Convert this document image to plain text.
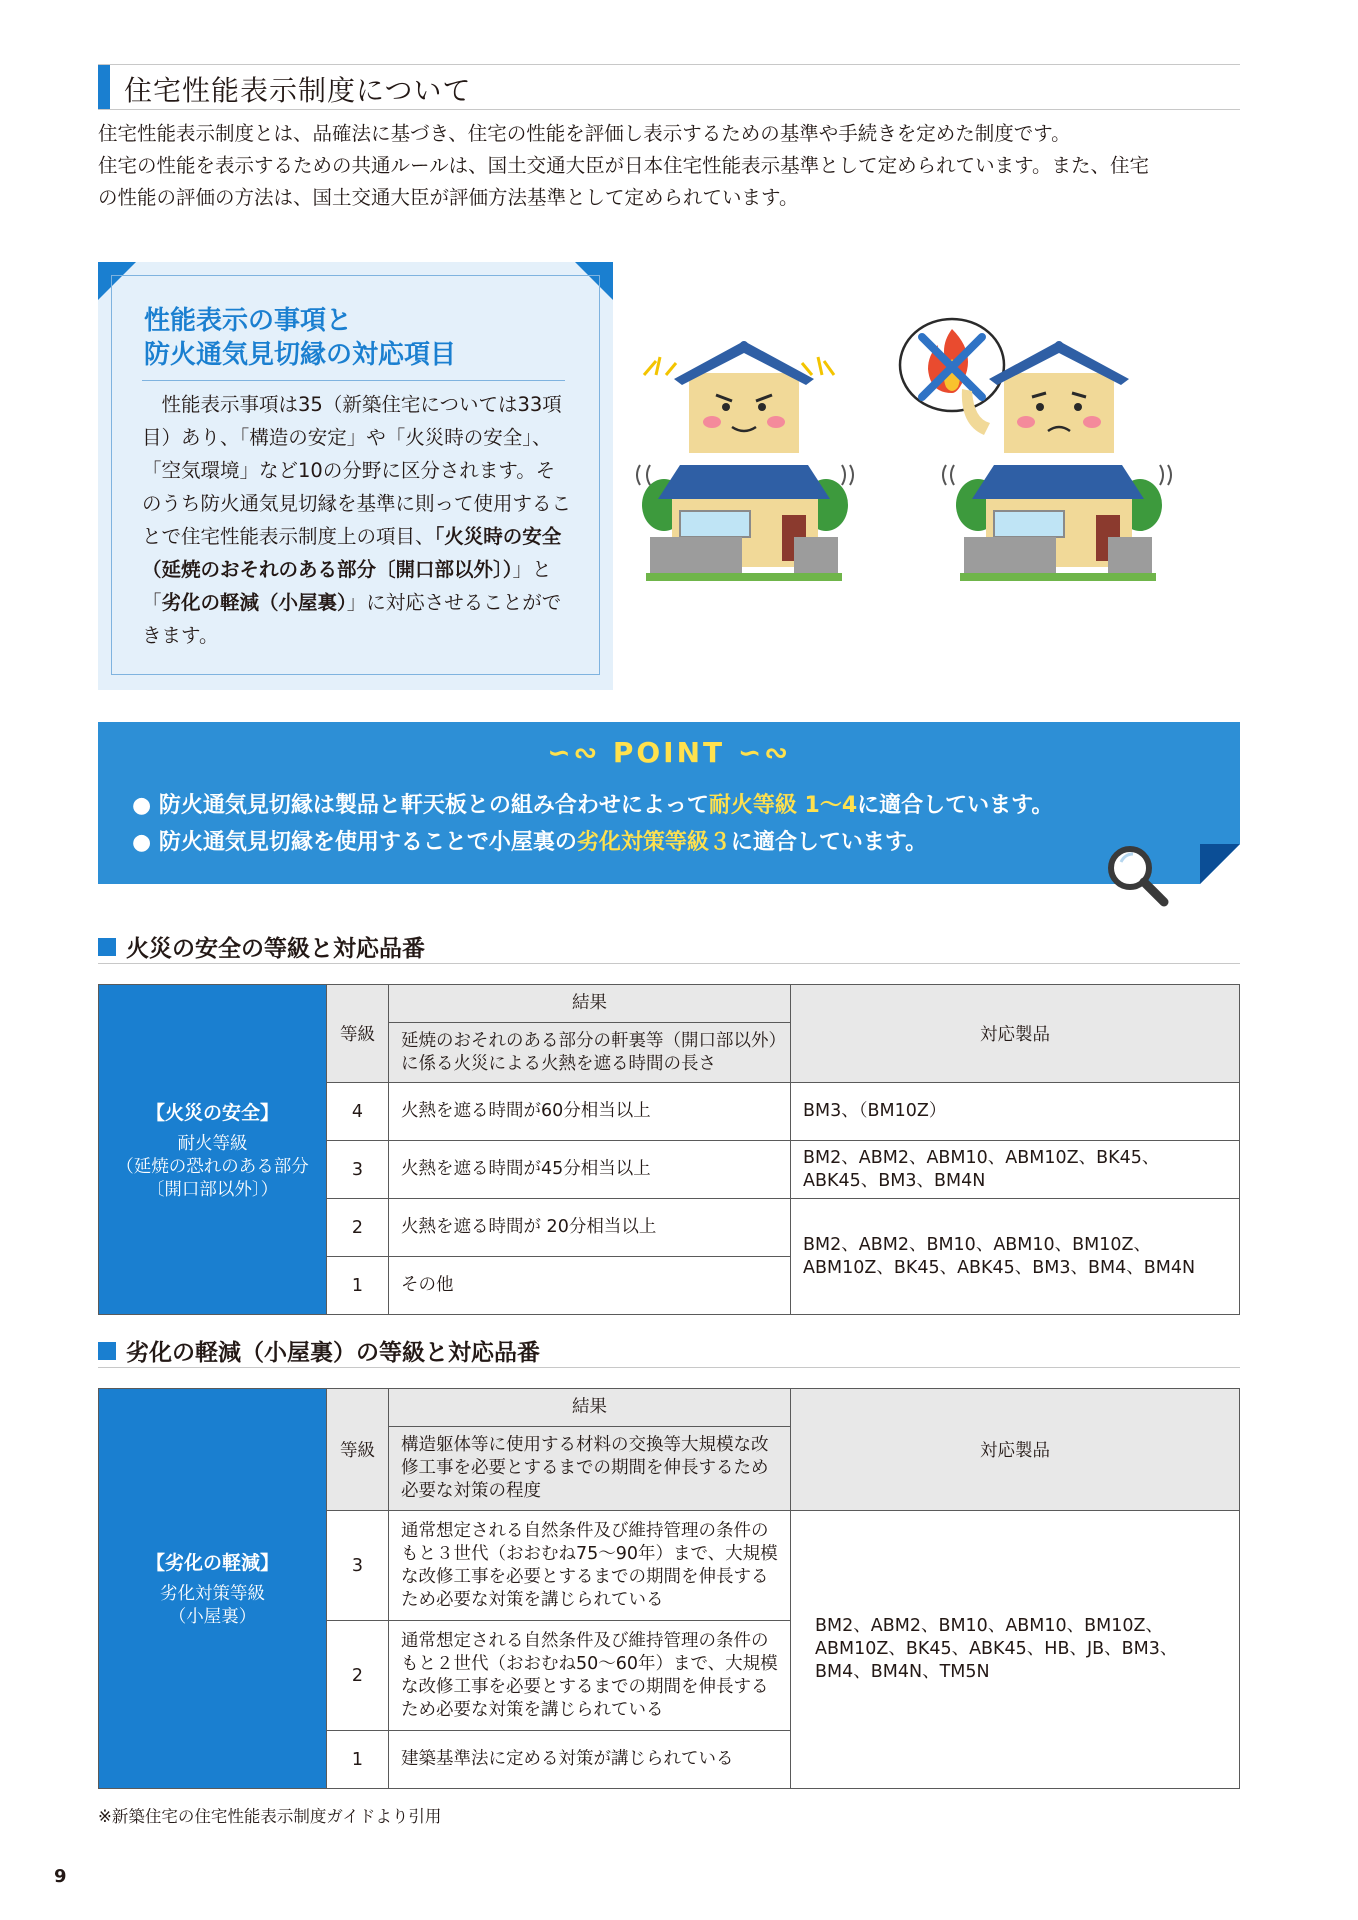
住宅性能表示制度について

住宅性能表示制度とは、品確法に基づき、住宅の性能を評価し表示するための基準や手続きを定めた制度です。

住宅の性能を表示するための共通ルールは、国土交通大臣が日本住宅性能表示基準として定められています。また、住宅

の性能の評価の方法は、国土交通大臣が評価方法基準として定められています。

性能表示の事項と
防火通気見切縁の対応項目
　性能表示事項は35（新築住宅については33項目）あり、「構造の安定」や「火災時の安全」、「空気環境」など10の分野に区分されます。そのうち防火通気見切縁を基準に則って使用することで住宅性能表示制度上の項目、「火災時の安全（延焼のおそれのある部分〔開口部以外〕）」と「劣化の軽減（小屋裏）」に対応させることができます。
∽∾ POINT ∽∾
● 防火通気見切縁は製品と軒天板との組み合わせによって耐火等級 1～4に適合しています。
● 防火通気見切縁を使用することで小屋裏の劣化対策等級３に適合しています。
火災の安全の等級と対応品番
【火災の安全】
耐火等級
（延焼の恐れのある部分
〔開口部以外〕）	等級	結果	対応製品
		延焼のおそれのある部分の軒裏等（開口部以外）に係る火災による火熱を遮る時間の長さ	
	4	火熱を遮る時間が60分相当以上	BM3、（BM10Z）
	3	火熱を遮る時間が45分相当以上	BM2、ABM2、ABM10、ABM10Z、BK45、ABK45、BM3、BM4N
	2	火熱を遮る時間が 20分相当以上	BM2、ABM2、BM10、ABM10、BM10Z、ABM10Z、BK45、ABK45、BM3、BM4、BM4N
	1	その他	
劣化の軽減（小屋裏）の等級と対応品番
【劣化の軽減】
劣化対策等級
（小屋裏）	等級	結果	対応製品
		構造躯体等に使用する材料の交換等大規模な改修工事を必要とするまでの期間を伸長するため必要な対策の程度	
	3	通常想定される自然条件及び維持管理の条件のもと３世代（おおむね75～90年）まで、大規模な改修工事を必要とするまでの期間を伸長するため必要な対策を講じられている	BM2、ABM2、BM10、ABM10、BM10Z、ABM10Z、BK45、ABK45、HB、JB、BM3、BM4、BM4N、TM5N
	2	通常想定される自然条件及び維持管理の条件のもと２世代（おおむね50～60年）まで、大規模な改修工事を必要とするまでの期間を伸長するため必要な対策を講じられている	
	1	建築基準法に定める対策が講じられている	
※新築住宅の住宅性能表示制度ガイドより引用
9
